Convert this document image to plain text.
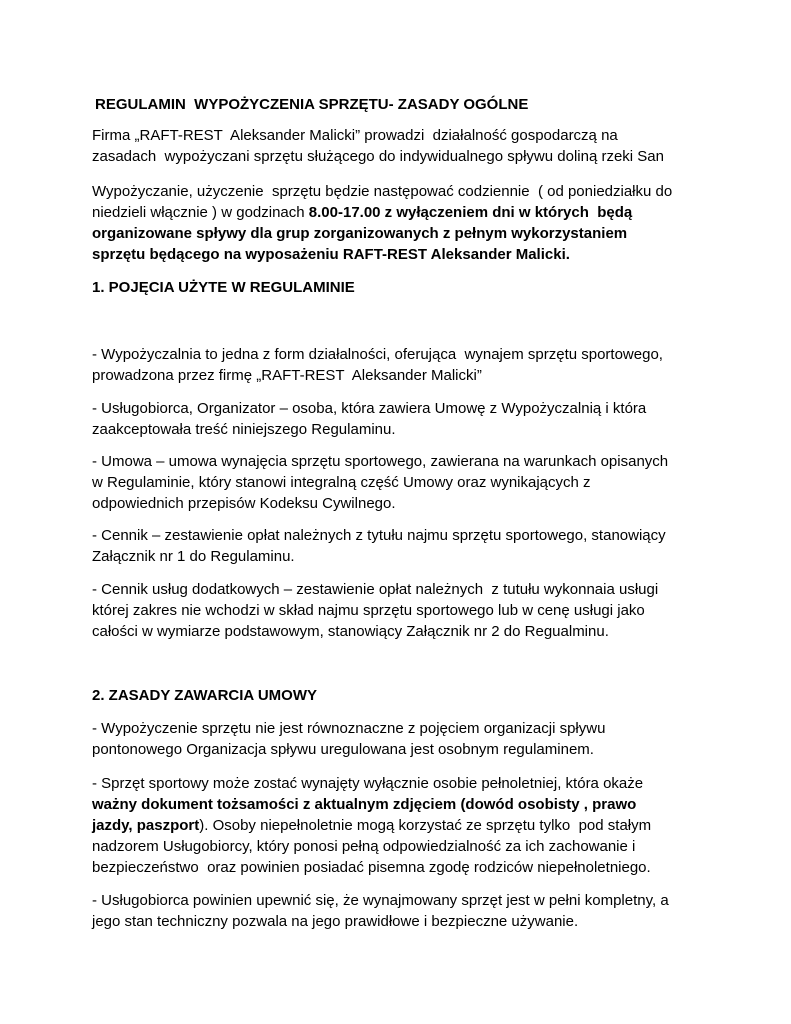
REGULAMIN  WYPOŻYCZENIA SPRZĘTU- ZASADY OGÓLNE

Firma „RAFT-REST  Aleksander Malicki” prowadzi  działalność gospodarczą na

zasadach  wypożyczani sprzętu służącego do indywidualnego spływu doliną rzeki San

Wypożyczanie, użyczenie  sprzętu będzie następować codziennie  ( od poniedziałku do

niedzieli włącznie ) w godzinach 8.00-17.00 z wyłączeniem dni w których  będą

organizowane spływy dla grup zorganizowanych z pełnym wykorzystaniem

sprzętu będącego na wyposażeniu RAFT-REST Aleksander Malicki.

1. POJĘCIA UŻYTE W REGULAMINIE

- Wypożyczalnia to jedna z form działalności, oferująca  wynajem sprzętu sportowego,

prowadzona przez firmę „RAFT-REST  Aleksander Malicki”

- Usługobiorca, Organizator – osoba, która zawiera Umowę z Wypożyczalnią i która

zaakceptowała treść niniejszego Regulaminu.

- Umowa – umowa wynajęcia sprzętu sportowego, zawierana na warunkach opisanych

w Regulaminie, który stanowi integralną część Umowy oraz wynikających z

odpowiednich przepisów Kodeksu Cywilnego.

- Cennik – zestawienie opłat należnych z tytułu najmu sprzętu sportowego, stanowiący

Załącznik nr 1 do Regulaminu.

- Cennik usług dodatkowych – zestawienie opłat należnych  z tutułu wykonnaia usługi

której zakres nie wchodzi w skład najmu sprzętu sportowego lub w cenę usługi jako

całości w wymiarze podstawowym, stanowiący Załącznik nr 2 do Regualminu.

2. ZASADY ZAWARCIA UMOWY

- Wypożyczenie sprzętu nie jest równoznaczne z pojęciem organizacji spływu

pontonowego Organizacja spływu uregulowana jest osobnym regulaminem.

- Sprzęt sportowy może zostać wynajęty wyłącznie osobie pełnoletniej, która okaże

ważny dokument tożsamości z aktualnym zdjęciem (dowód osobisty , prawo

jazdy, paszport). Osoby niepełnoletnie mogą korzystać ze sprzętu tylko  pod stałym

nadzorem Usługobiorcy, który ponosi pełną odpowiedzialność za ich zachowanie i

bezpieczeństwo  oraz powinien posiadać pisemna zgodę rodziców niepełnoletniego.

- Usługobiorca powinien upewnić się, że wynajmowany sprzęt jest w pełni kompletny, a

jego stan techniczny pozwala na jego prawidłowe i bezpieczne używanie.
